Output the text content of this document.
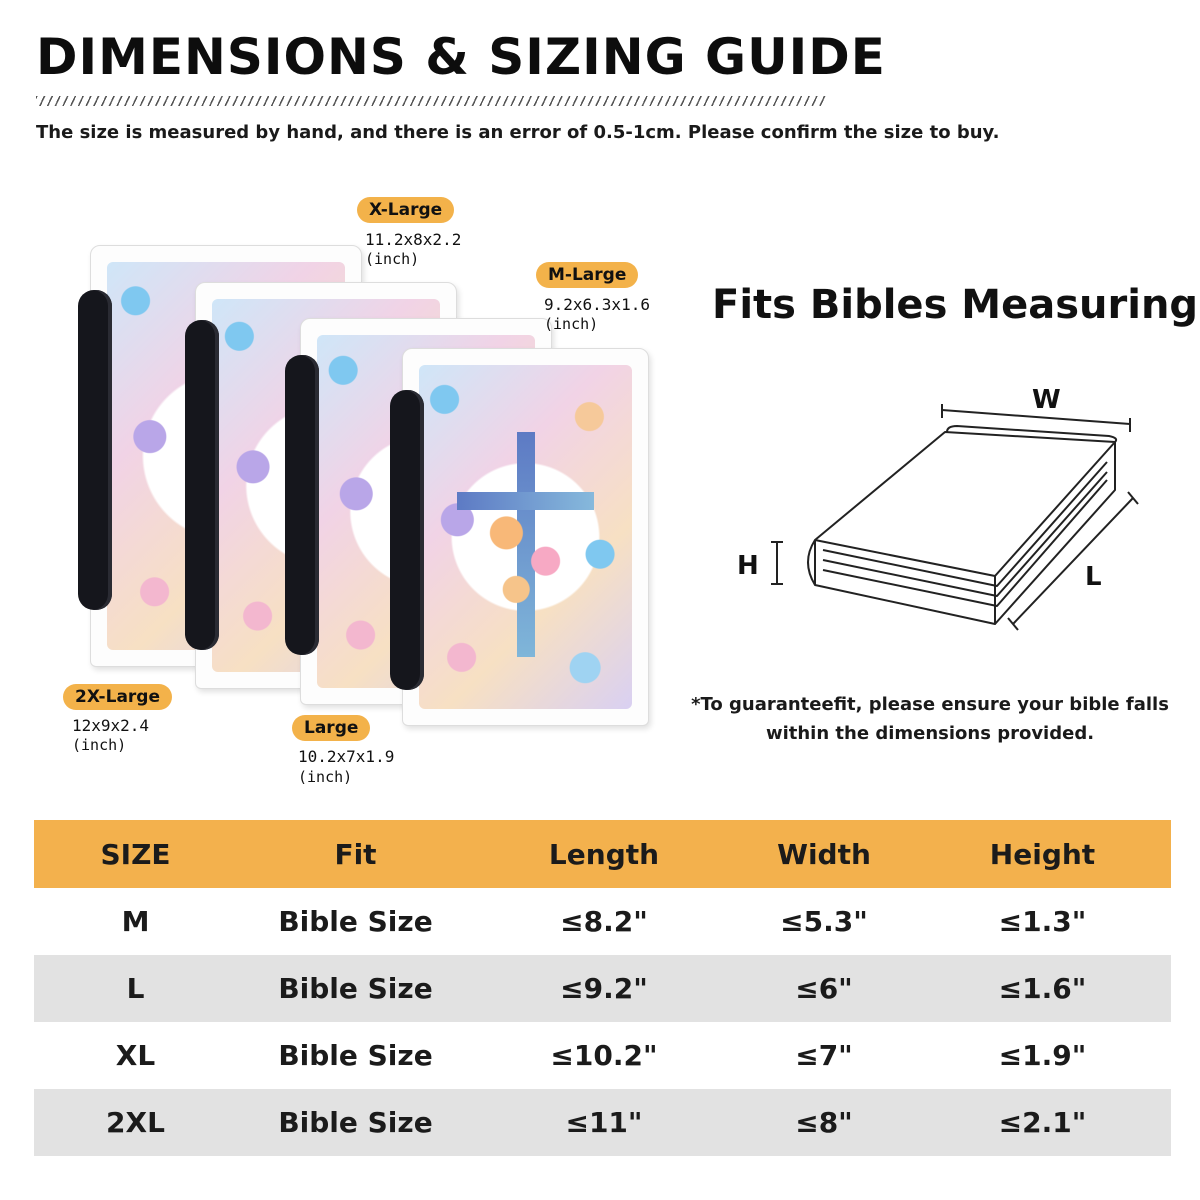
DIMENSIONS & SIZING GUIDE
The size is measured by hand, and there is an error of 0.5-1cm. Please confirm the size to buy.
X-Large
11.2x8x2.2
(inch)
M-Large
9.2x6.3x1.6
(inch)
2X-Large
12x9x2.4
(inch)
Large
10.2x7x1.9
(inch)
Fits Bibles Measuring
W
H	L
*To guaranteefit, please ensure your bible falls within the dimensions provided.
SIZE	Fit	Length	Width	Height
M	Bible Size	≤8.2"	≤5.3"	≤1.3"
L	Bible Size	≤9.2"	≤6"	≤1.6"
XL	Bible Size	≤10.2"	≤7"	≤1.9"
2XL	Bible Size	≤11"	≤8"	≤2.1"
